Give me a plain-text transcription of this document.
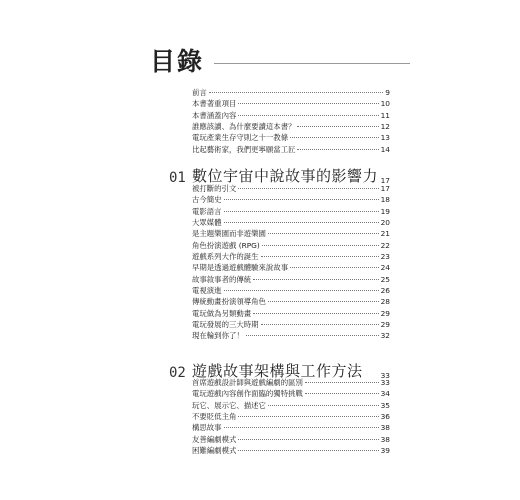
目錄
前言	9
本書著重項目	10
本書涵蓋內容	11
誰應該讀、為什麼要讀這本書？	12
電玩產業生存守則之十一教條	13
比起藝術家，我們更寧願當工匠	14
01 數位宇宙中說故事的影響力 17
被打斷的引文	17
古今簡史	18
電影語言	19
大眾媒體	20
是主題樂園而非遊樂園	21
角色扮演遊戲 (RPG)	22
遊戲系列大作的誕生	23
早期是透過遊戲體驗來說故事	24
故事敘事者的傳統	25
電視演進	26
傳統動畫扮演領導角色	28
電玩做為另類動畫	29
電玩發展的三大時期	29
現在輪到你了！	32
02 遊戲故事架構與工作方法	33
首席遊戲設計師與遊戲編劇的區別	33
電玩遊戲內容創作面臨的獨特挑戰	34
玩它、展示它、描述它	35
不要貶低主角	36
構思故事	38
友善編劇模式	38
困難編劇模式	39
